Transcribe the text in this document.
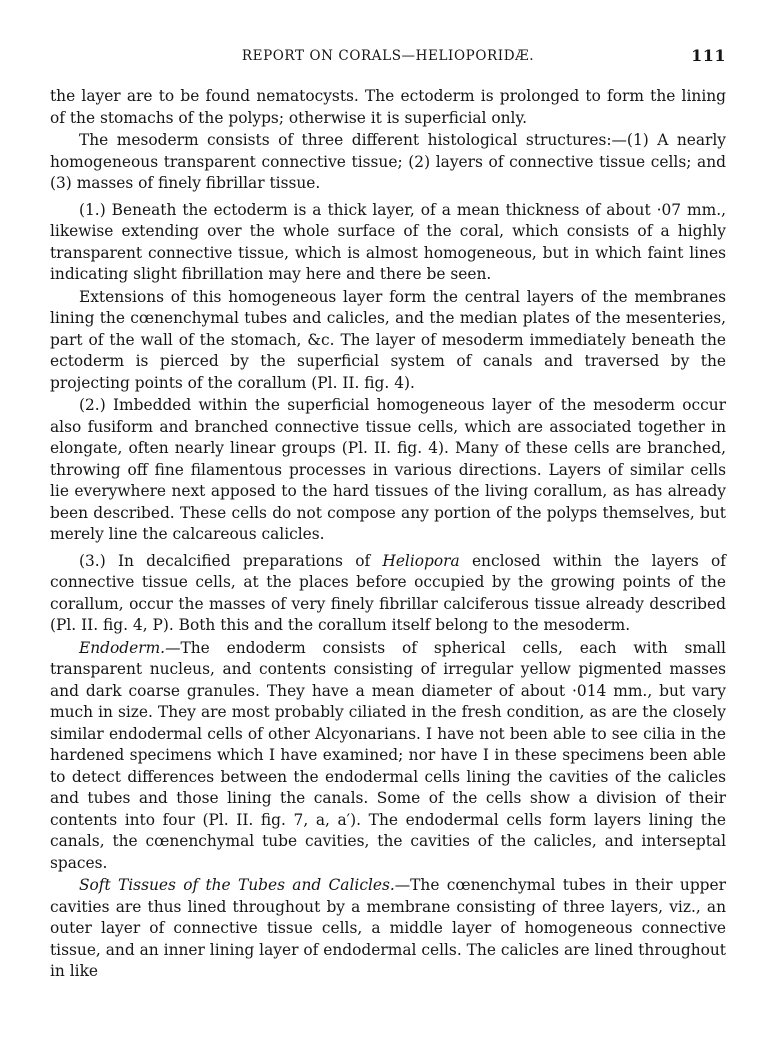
REPORT ON CORALS—HELIOPORIDÆ.	111

the layer are to be found nematocysts. The ectoderm is prolonged to form the lining of the stomachs of the polyps; otherwise it is superficial only.

The mesoderm consists of three different histological structures:—(1) A nearly homogeneous transparent connective tissue; (2) layers of connective tissue cells; and (3) masses of finely fibrillar tissue.

(1.) Beneath the ectoderm is a thick layer, of a mean thickness of about ·07 mm., likewise extending over the whole surface of the coral, which consists of a highly transparent connective tissue, which is almost homogeneous, but in which faint lines indicating slight fibrillation may here and there be seen.

Extensions of this homogeneous layer form the central layers of the membranes lining the cœnenchymal tubes and calicles, and the median plates of the mesenteries, part of the wall of the stomach, &c. The layer of mesoderm immediately beneath the ectoderm is pierced by the superficial system of canals and traversed by the projecting points of the corallum (Pl. II. fig. 4).

(2.) Imbedded within the superficial homogeneous layer of the mesoderm occur also fusiform and branched connective tissue cells, which are associated together in elongate, often nearly linear groups (Pl. II. fig. 4). Many of these cells are branched, throwing off fine filamentous processes in various directions. Layers of similar cells lie everywhere next apposed to the hard tissues of the living corallum, as has already been described. These cells do not compose any portion of the polyps themselves, but merely line the calcareous calicles.

(3.) In decalcified preparations of Heliopora enclosed within the layers of connective tissue cells, at the places before occupied by the growing points of the corallum, occur the masses of very finely fibrillar calciferous tissue already described (Pl. II. fig. 4, P). Both this and the corallum itself belong to the mesoderm.

Endoderm.—The endoderm consists of spherical cells, each with small transparent nucleus, and contents consisting of irregular yellow pigmented masses and dark coarse granules. They have a mean diameter of about ·014 mm., but vary much in size. They are most probably ciliated in the fresh condition, as are the closely similar endodermal cells of other Alcyonarians. I have not been able to see cilia in the hardened specimens which I have examined; nor have I in these specimens been able to detect differences between the endodermal cells lining the cavities of the calicles and tubes and those lining the canals. Some of the cells show a division of their contents into four (Pl. II. fig. 7, a, a′). The endodermal cells form layers lining the canals, the cœnenchymal tube cavities, the cavities of the calicles, and interseptal spaces.

Soft Tissues of the Tubes and Calicles.—The cœnenchymal tubes in their upper cavities are thus lined throughout by a membrane consisting of three layers, viz., an outer layer of connective tissue cells, a middle layer of homogeneous connective tissue, and an inner lining layer of endodermal cells. The calicles are lined throughout in like
